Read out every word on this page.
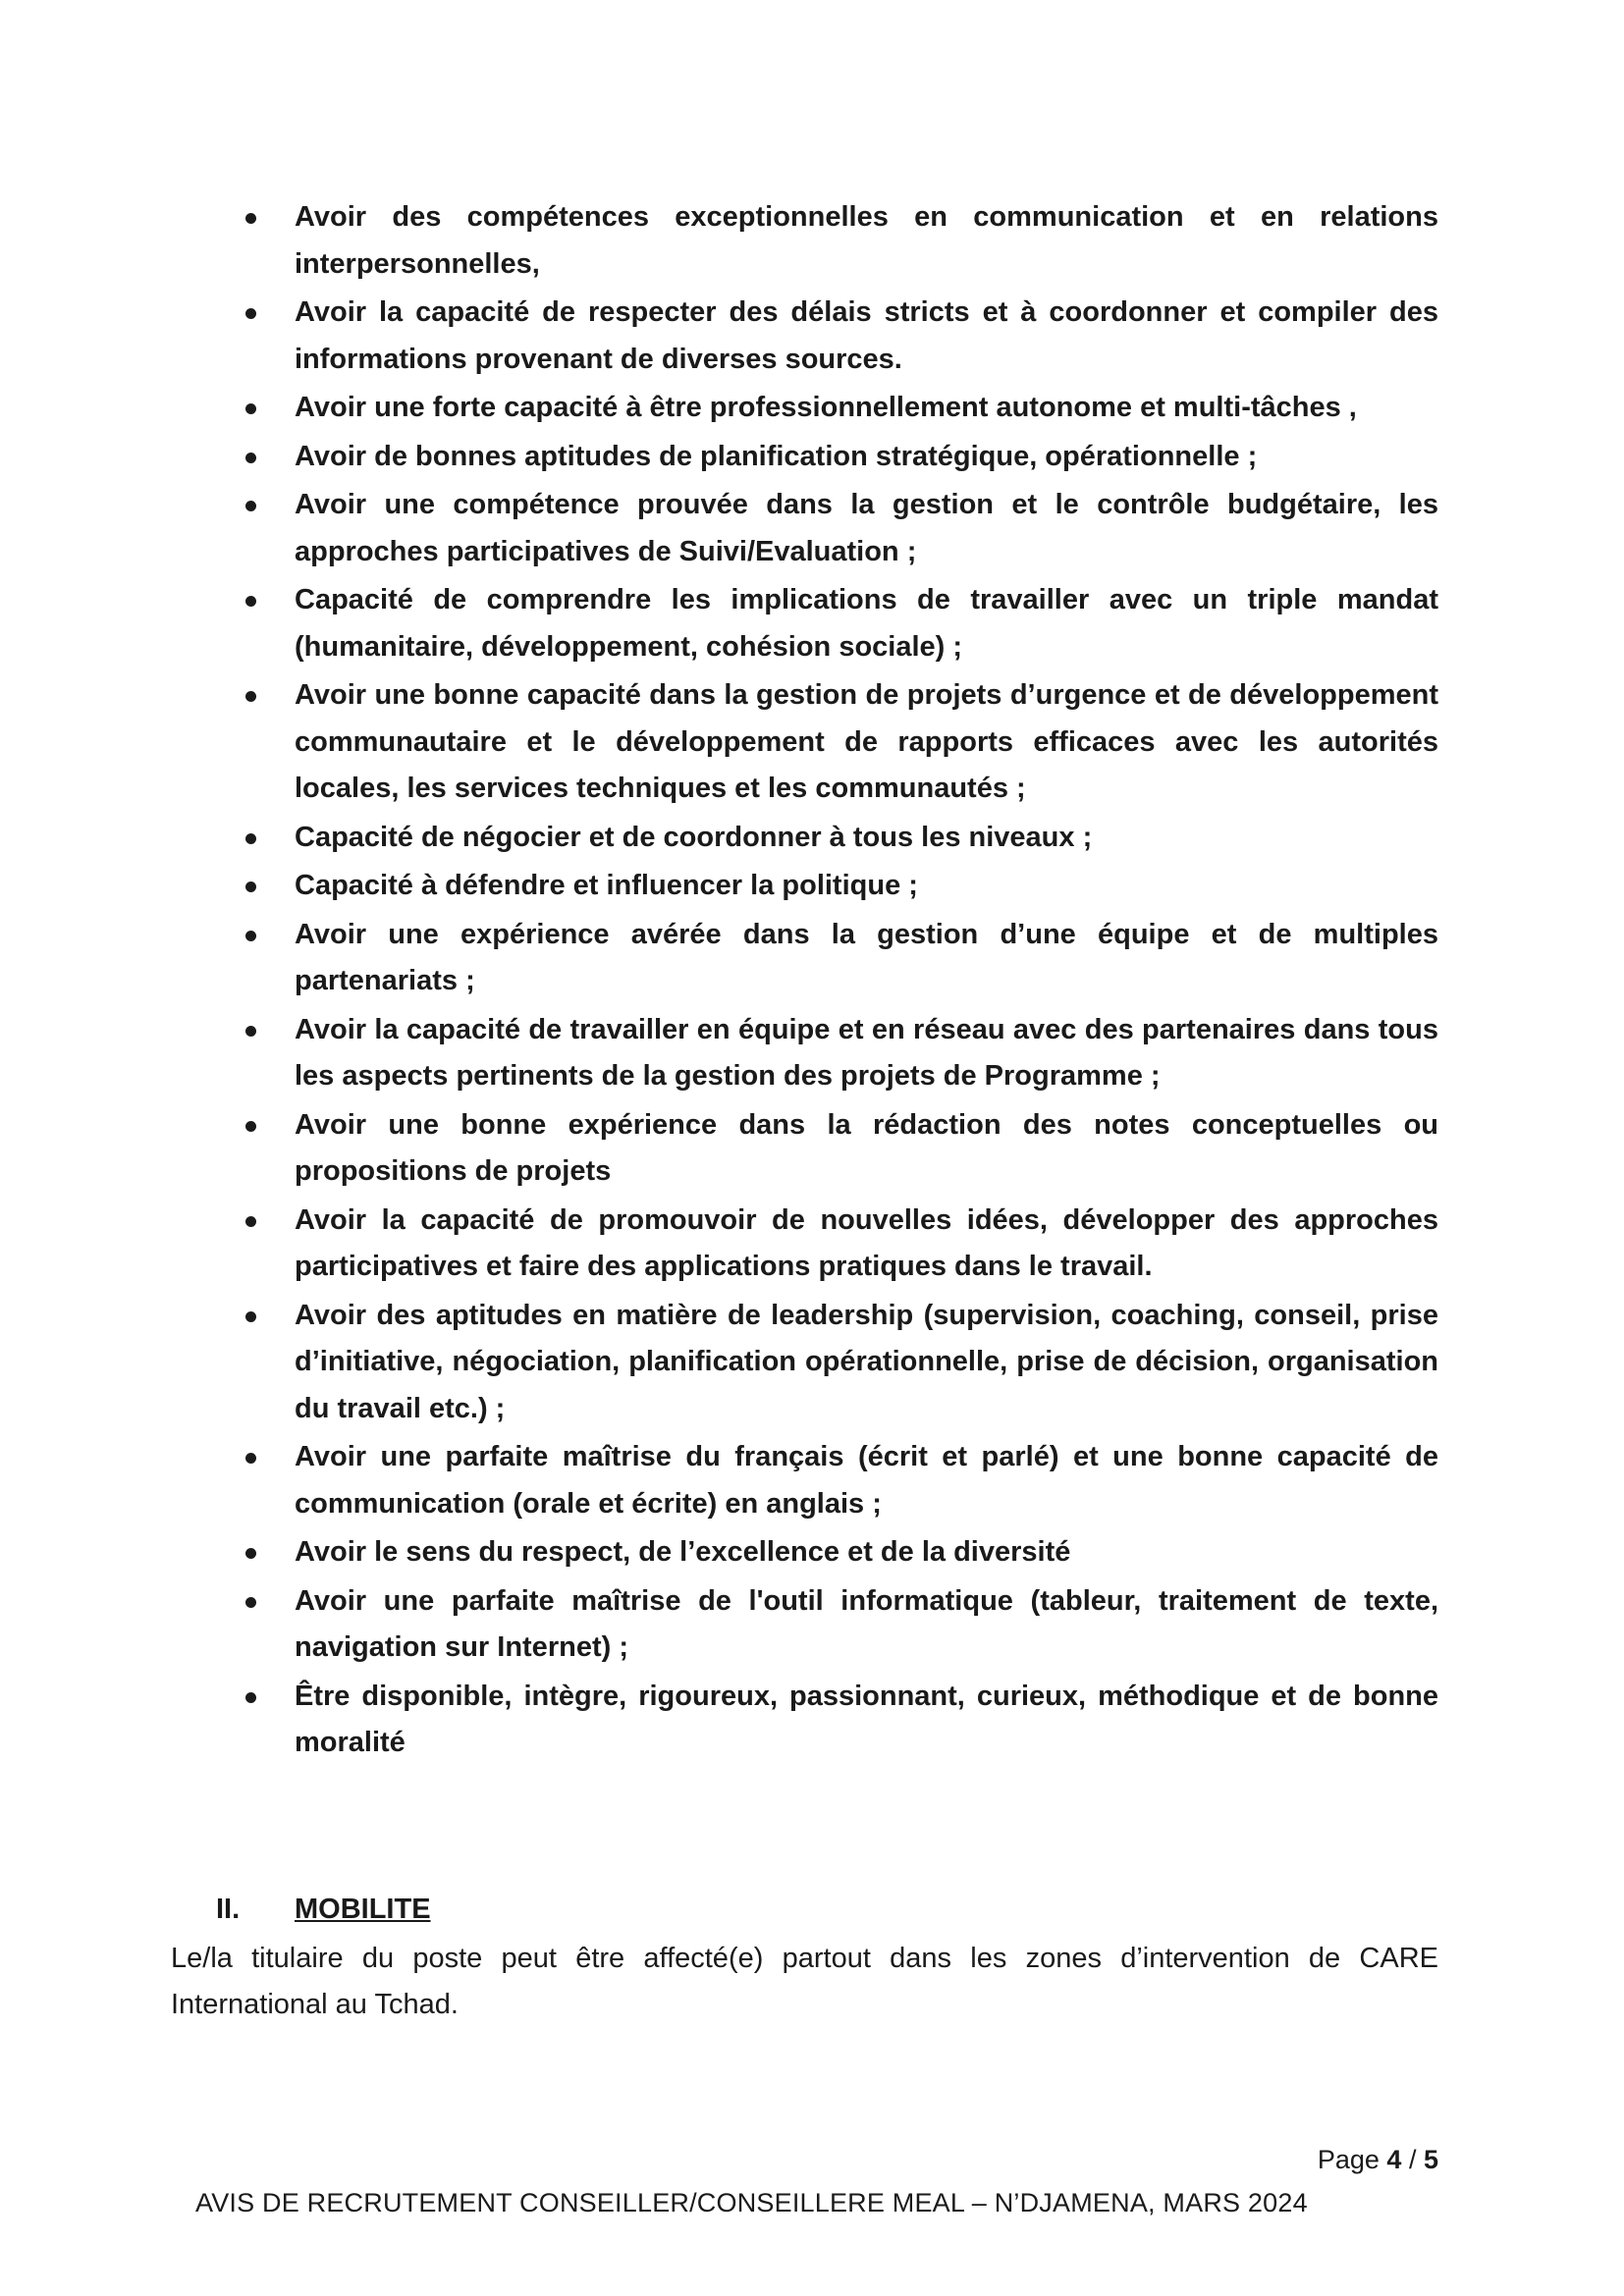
Avoir des compétences exceptionnelles en communication et en relations interpersonnelles,
Avoir la capacité de respecter des délais stricts et à coordonner et compiler des informations provenant de diverses sources.
Avoir une forte capacité à être professionnellement autonome et multi-tâches ,
Avoir de bonnes aptitudes de planification stratégique, opérationnelle ;
Avoir une compétence prouvée dans la gestion et le contrôle budgétaire, les approches participatives de Suivi/Evaluation ;
Capacité de comprendre les implications de travailler avec un triple mandat (humanitaire, développement, cohésion sociale) ;
Avoir une bonne capacité dans la gestion de projets d’urgence et de développement communautaire et le développement de rapports efficaces avec les autorités locales, les services techniques et les communautés ;
Capacité de négocier et de coordonner à tous les niveaux ;
Capacité à défendre et influencer la politique ;
Avoir une expérience avérée dans la gestion d’une équipe et de multiples partenariats ;
Avoir la capacité de travailler en équipe et en réseau avec des partenaires dans tous les aspects pertinents de la gestion des projets de Programme ;
Avoir une bonne expérience dans la rédaction des notes conceptuelles ou propositions de projets
Avoir la capacité de promouvoir de nouvelles idées, développer des approches participatives et faire des applications pratiques dans le travail.
Avoir des aptitudes en matière de leadership (supervision, coaching, conseil, prise d’initiative, négociation, planification opérationnelle, prise de décision, organisation du travail etc.) ;
Avoir une parfaite maîtrise du français (écrit et parlé) et une bonne capacité de communication (orale et écrite) en anglais ;
Avoir le sens du respect, de l’excellence et de la diversité
Avoir une parfaite maîtrise de l'outil informatique (tableur, traitement de texte, navigation sur Internet) ;
Être disponible, intègre, rigoureux, passionnant, curieux, méthodique et de bonne moralité
II. MOBILITE

Le/la titulaire du poste peut être affecté(e) partout dans les zones d’intervention de CARE International au Tchad.

Page 4 / 5
AVIS DE RECRUTEMENT CONSEILLER/CONSEILLERE MEAL – N’DJAMENA, MARS 2024
